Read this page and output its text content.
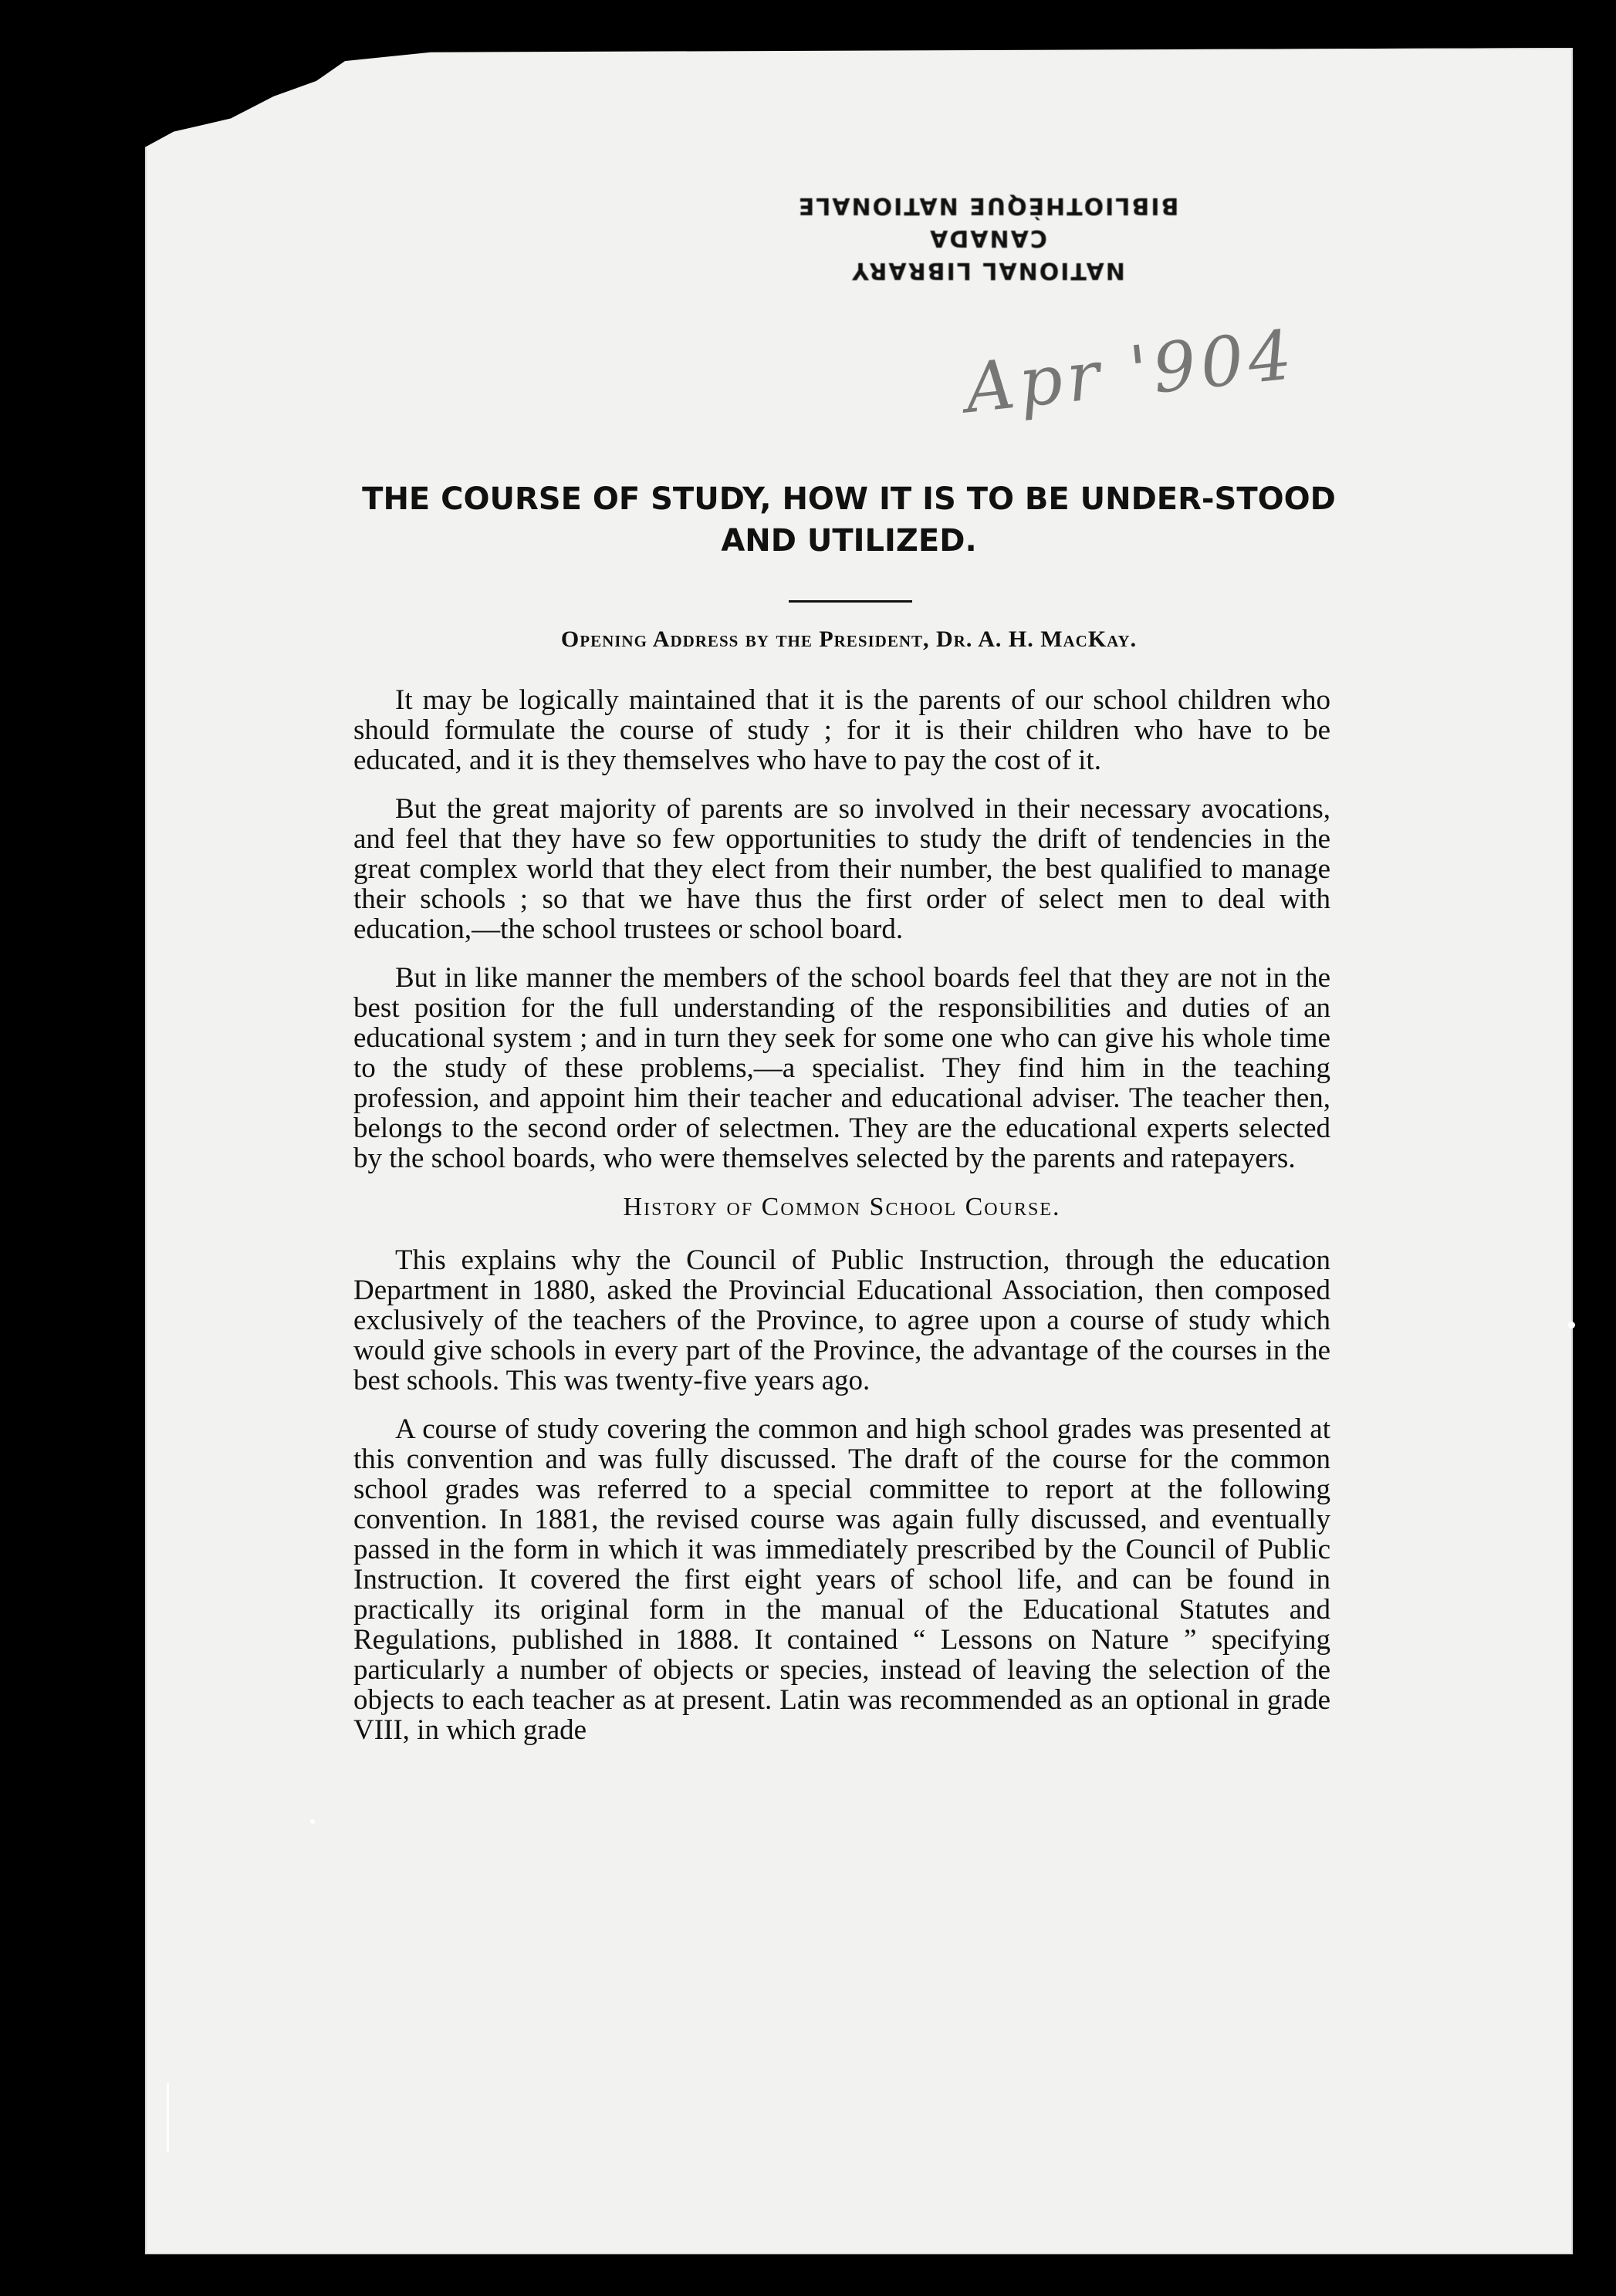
NATIONAL LIBRARY
CANADA
BIBLIOTHÈQUE NATIONALE
Apr '904
THE COURSE OF STUDY, HOW IT IS TO BE UNDER-STOOD AND UTILIZED.
Opening Address by the President, Dr. A. H. MacKay.

It may be logically maintained that it is the parents of our school children who should formulate the course of study ; for it is their children who have to be educated, and it is they themselves who have to pay the cost of it.

But the great majority of parents are so involved in their necessary avocations, and feel that they have so few opportunities to study the drift of tendencies in the great complex world that they elect from their number, the best qualified to manage their schools ; so that we have thus the first order of select men to deal with education,—the school trustees or school board.

But in like manner the members of the school boards feel that they are not in the best position for the full understanding of the responsibilities and duties of an educational system ; and in turn they seek for some one who can give his whole time to the study of these problems,—a specialist. They find him in the teaching profession, and appoint him their teacher and educational adviser. The teacher then, belongs to the second order of selectmen. They are the educational experts selected by the school boards, who were themselves selected by the parents and ratepayers.

History of Common School Course.

This explains why the Council of Public Instruction, through the education Department in 1880, asked the Provincial Educational Association, then composed exclusively of the teachers of the Province, to agree upon a course of study which would give schools in every part of the Province, the advantage of the courses in the best schools. This was twenty-five years ago.

A course of study covering the common and high school grades was presented at this convention and was fully discussed. The draft of the course for the common school grades was referred to a special committee to report at the following convention. In 1881, the revised course was again fully discussed, and eventually passed in the form in which it was immediately prescribed by the Council of Public Instruction. It covered the first eight years of school life, and can be found in practically its original form in the manual of the Educational Statutes and Regulations, published in 1888. It contained “ Lessons on Nature ” specifying particularly a number of objects or species, instead of leaving the selection of the objects to each teacher as at present. Latin was recommended as an optional in grade VIII, in which grade
